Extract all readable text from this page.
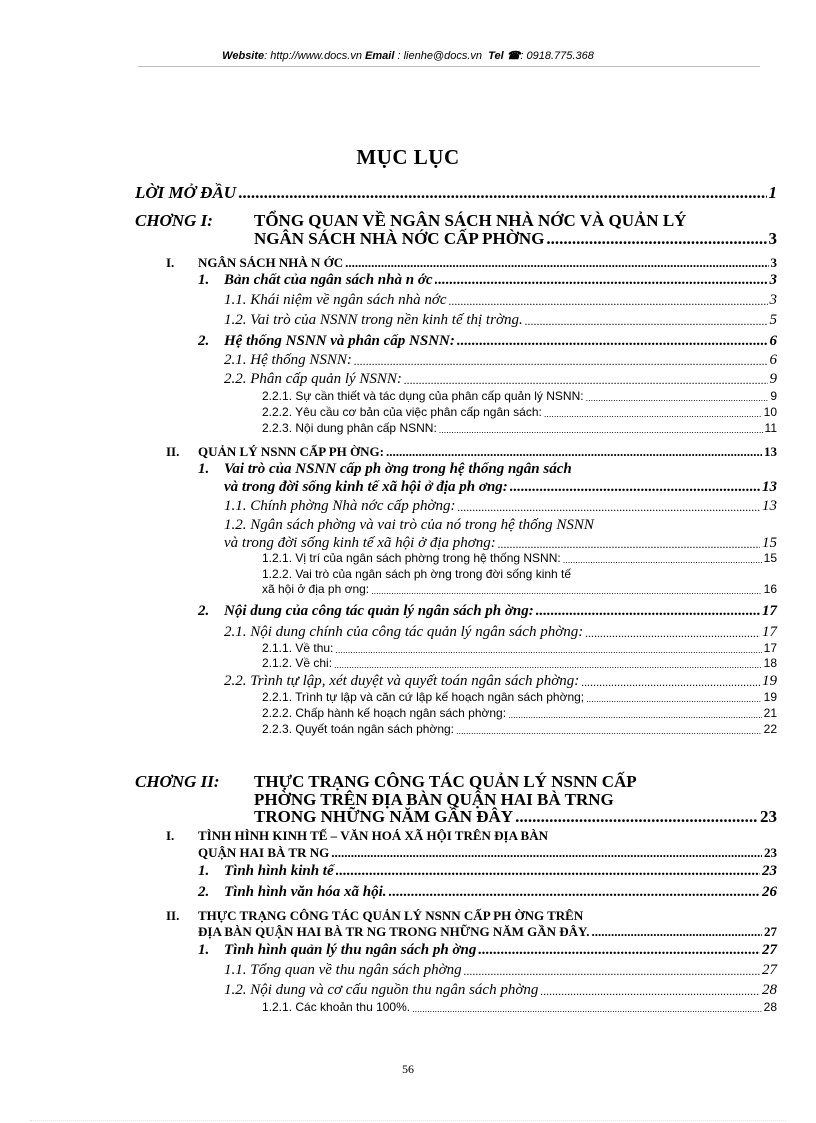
Website: http://www.docs.vn Email : lienhe@docs.vn Tel ☎: 0918.775.368
MỤC LỤC
LỜI MỞ ĐẦU .....	1
CHƠNG I: TỔNG QUAN VỀ NGÂN SÁCH NHÀ NỚC VÀ QUẢN LÝ
NGÂN SÁCH NHÀ NỚC CẤP PHỜNG .....	3
I. NGÂN SÁCH NHÀ N ỚC .....	3
1. Bản chất của ngân sách nhà n ớc .....	3
1.1. Khái niệm về ngân sách nhà nớc .....	3
1.2. Vai trò của NSNN trong nền kinh tế thị trờng. .....	5
2. Hệ thống NSNN và phân cấp NSNN: .....	6
2.1. Hệ thống NSNN: .....	6
2.2. Phân cấp quản lý NSNN: .....	9
2.2.1. Sự cần thiết và tác dụng của phân cấp quản lý NSNN: .....	9
2.2.2. Yêu cầu cơ bản của việc phân cấp ngân sách: .....	10
2.2.3. Nội dung phân cấp NSNN: .....	11
II. QUẢN LÝ NSNN CẤP PH ỜNG: .....	13
1. Vai trò của NSNN cấp ph ờng trong hệ thống ngân sách
và trong đời sống kinh tế xã hội ở địa ph ơng: .....	13
1.1. Chính phờng Nhà nớc cấp phờng: .....	13
1.2. Ngân sách phờng và vai trò của nó trong hệ thống NSNN
và trong đời sống kinh tế xã hội ở địa phơng: .....	15
1.2.1. Vị trí của ngân sách phờng trong hệ thống NSNN: .....	15
1.2.2. Vai trò của ngân sách ph ờng trong đời sống kinh tế
xã hội ở địa ph ơng: .....	16
2. Nội dung của công tác quản lý ngân sách ph ờng: .....	17
2.1. Nội dung chính của công tác quản lý ngân sách phờng: .....	17
2.1.1. Về thu: .....	17
2.1.2. Về chi: .....	18
2.2. Trình tự lập, xét duyệt và quyết toán ngân sách phờng: .....	19
2.2.1. Trình tự lập và căn cứ lập kế hoạch ngân sách phờng; .....	19
2.2.2. Chấp hành kế hoạch ngân sách phờng: .....	21
2.2.3. Quyết toán ngân sách phờng: .....	22
CHƠNG II: THỰC TRẠNG CÔNG TÁC QUẢN LÝ NSNN CẤP
PHỜNG TRÊN ĐỊA BÀN QUẬN HAI BÀ TRNG
TRONG NHỮNG NĂM GẦN ĐÂY .....	23
I. TÌNH HÌNH KINH TẾ – VĂN HOÁ XÃ HỘI TRÊN ĐỊA BÀN
QUẬN HAI BÀ TR NG .....	23
1. Tình hình kinh tế .....	23
2. Tình hình văn hóa xã hội. .....	26
II. THỰC TRẠNG CÔNG TÁC QUẢN LÝ NSNN CẤP PH ỜNG TRÊN
ĐỊA BÀN QUẬN HAI BÀ TR NG TRONG NHỮNG NĂM GẦN ĐÂY. .....	27
1. Tình hình quản lý thu ngân sách ph ờng .....	27
1.1. Tổng quan về thu ngân sách phờng .....	27
1.2. Nội dung và cơ cấu nguồn thu ngân sách phờng .....	28
1.2.1. Các khoản thu 100%. .....	28
56
